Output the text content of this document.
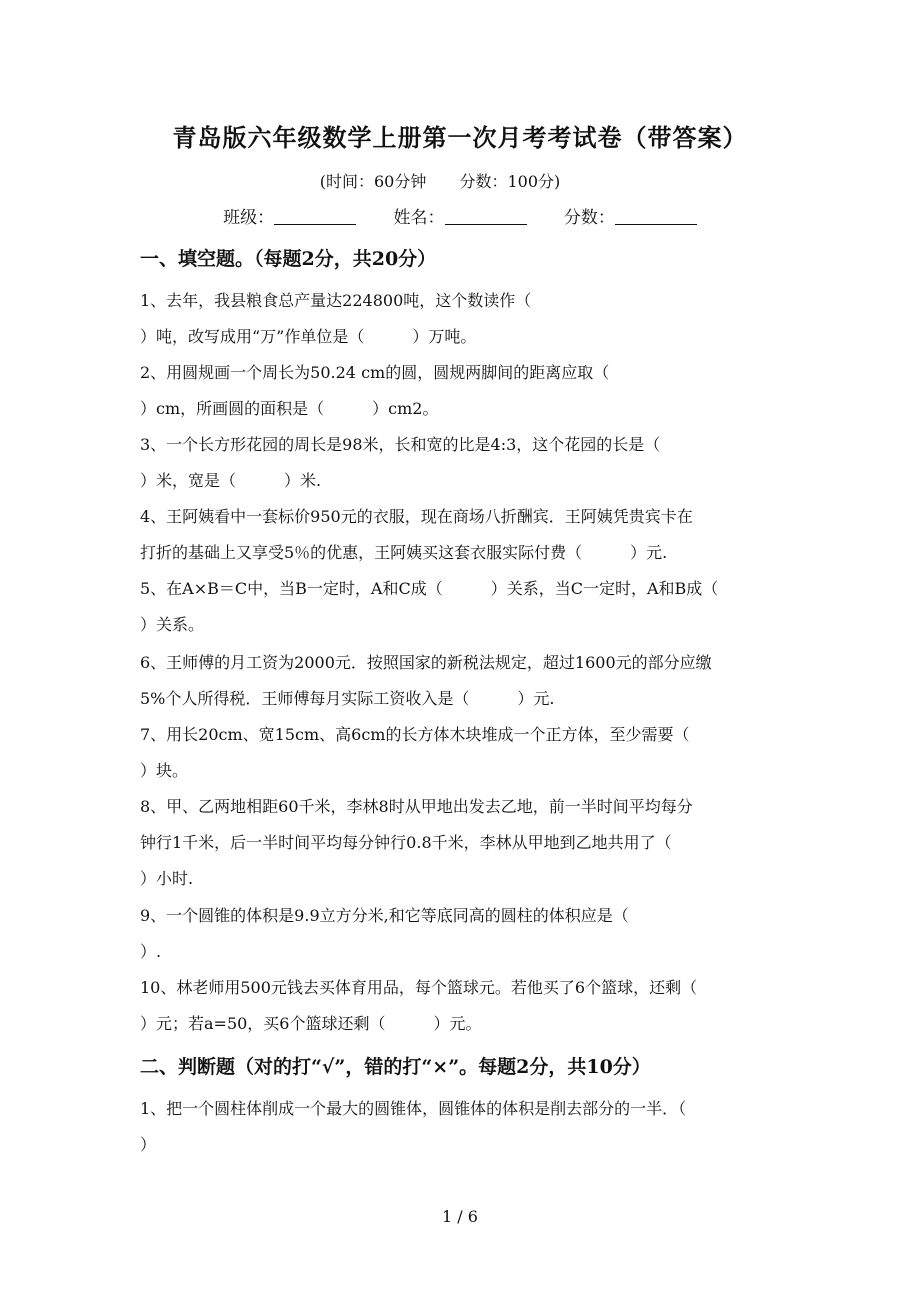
青岛版六年级数学上册第一次月考考试卷（带答案）
(时间：60分钟 分数：100分)
班级：	姓名：	分数：
一、填空题。（每题2分，共20分）
1、去年，我县粮食总产量达224800吨，这个数读作（
）吨，改写成用“万”作单位是（　　　）万吨。
2、用圆规画一个周长为50.24 cm的圆，圆规两脚间的距离应取（
）cm，所画圆的面积是（　　　）cm2。
3、一个长方形花园的周长是98米，长和宽的比是4:3，这个花园的长是（
）米，宽是（　　　）米.
4、王阿姨看中一套标价950元的衣服，现在商场八折酬宾．王阿姨凭贵宾卡在
打折的基础上又享受5％的优惠，王阿姨买这套衣服实际付费（　　　）元.
5、在A×B＝C中，当B一定时，A和C成（　　　）关系，当C一定时，A和B成（
）关系。
6、王师傅的月工资为2000元．按照国家的新税法规定，超过1600元的部分应缴
5%个人所得税．王师傅每月实际工资收入是（　　　）元.
7、用长20cm、宽15cm、高6cm的长方体木块堆成一个正方体，至少需要（
）块。
8、甲、乙两地相距60千米，李林8时从甲地出发去乙地，前一半时间平均每分
钟行1千米，后一半时间平均每分钟行0.8千米，李林从甲地到乙地共用了（
）小时.
9、一个圆锥的体积是9.9立方分米,和它等底同高的圆柱的体积应是（
）.
10、林老师用500元钱去买体育用品，每个篮球元。若他买了6个篮球，还剩（
）元；若a=50，买6个篮球还剩（　　　）元。
二、判断题（对的打“√”，错的打“×”。每题2分，共10分）
1、把一个圆柱体削成一个最大的圆锥体，圆锥体的体积是削去部分的一半．（
）
1 / 6
